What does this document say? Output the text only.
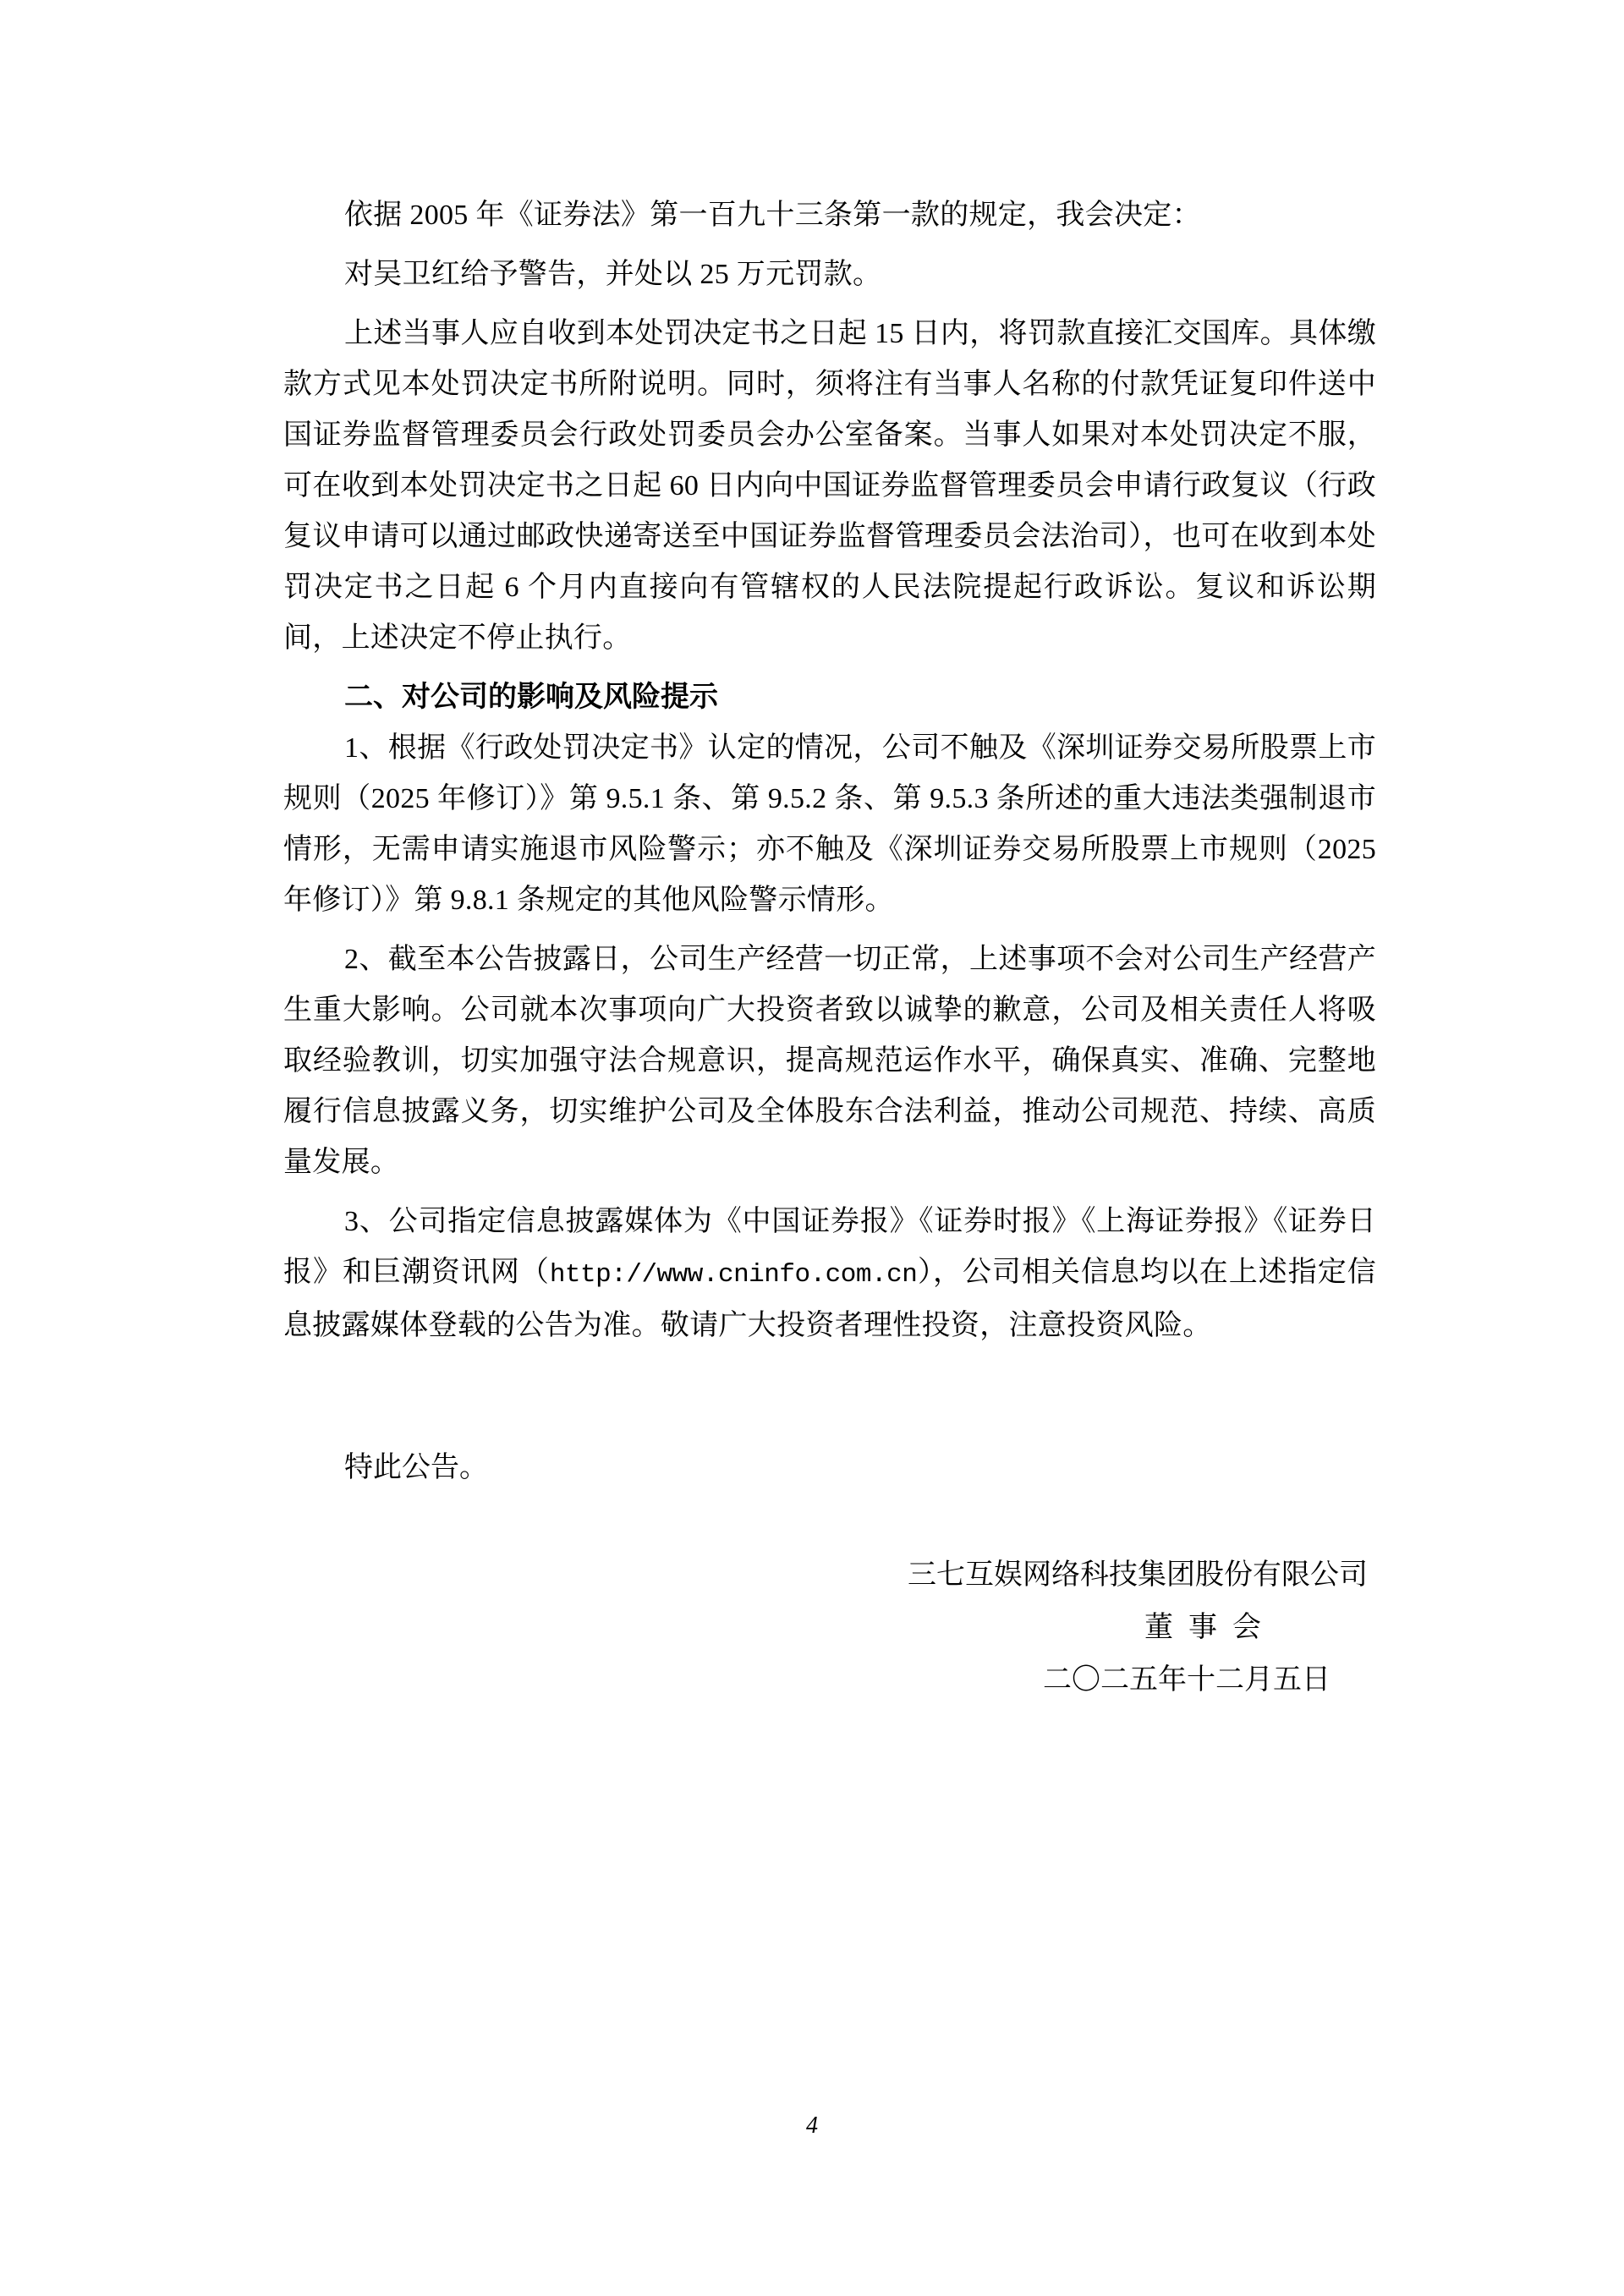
依据 2005 年《证券法》第一百九十三条第一款的规定，我会决定：

对吴卫红给予警告，并处以 25 万元罚款。

上述当事人应自收到本处罚决定书之日起 15 日内，将罚款直接汇交国库。具体缴款方式见本处罚决定书所附说明。同时，须将注有当事人名称的付款凭证复印件送中国证券监督管理委员会行政处罚委员会办公室备案。当事人如果对本处罚决定不服，可在收到本处罚决定书之日起 60 日内向中国证券监督管理委员会申请行政复议（行政复议申请可以通过邮政快递寄送至中国证券监督管理委员会法治司），也可在收到本处罚决定书之日起 6 个月内直接向有管辖权的人民法院提起行政诉讼。复议和诉讼期间，上述决定不停止执行。

二、对公司的影响及风险提示

1、根据《行政处罚决定书》认定的情况，公司不触及《深圳证券交易所股票上市规则（2025 年修订）》第 9.5.1 条、第 9.5.2 条、第 9.5.3 条所述的重大违法类强制退市情形，无需申请实施退市风险警示；亦不触及《深圳证券交易所股票上市规则（2025 年修订）》第 9.8.1 条规定的其他风险警示情形。

2、截至本公告披露日，公司生产经营一切正常，上述事项不会对公司生产经营产生重大影响。公司就本次事项向广大投资者致以诚挚的歉意，公司及相关责任人将吸取经验教训，切实加强守法合规意识，提高规范运作水平，确保真实、准确、完整地履行信息披露义务，切实维护公司及全体股东合法利益，推动公司规范、持续、高质量发展。

3、公司指定信息披露媒体为《中国证券报》《证券时报》《上海证券报》《证券日报》和巨潮资讯网（http://www.cninfo.com.cn），公司相关信息均以在上述指定信息披露媒体登载的公告为准。敬请广大投资者理性投资，注意投资风险。

特此公告。

三七互娱网络科技集团股份有限公司
董事会
二〇二五年十二月五日
4
